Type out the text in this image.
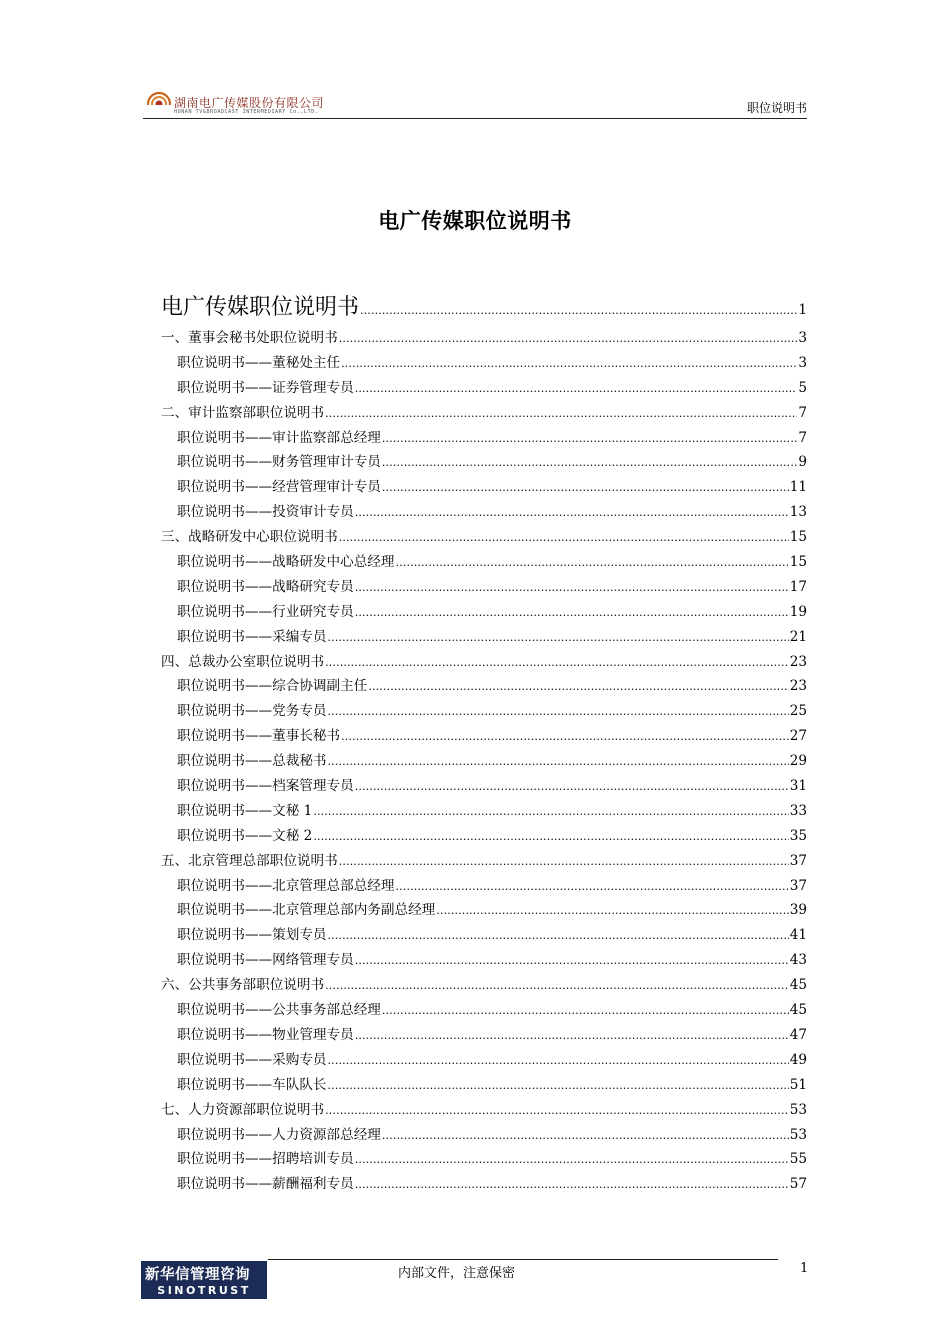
湖南电广传媒股份有限公司
HUNAN TV&BROADCAST INTERMEDIARY Co.,LTD.	职位说明书
电广传媒职位说明书
电广传媒职位说明书 .....	1
一、董事会秘书处职位说明书 .....	3
职位说明书——董秘处主任 .....	3
职位说明书——证券管理专员 .....	5
二、审计监察部职位说明书 .....	7
职位说明书——审计监察部总经理 .....	7
职位说明书——财务管理审计专员 .....	9
职位说明书——经营管理审计专员 .....	11
职位说明书——投资审计专员 .....	13
三、战略研发中心职位说明书 .....	15
职位说明书——战略研发中心总经理 .....	15
职位说明书——战略研究专员 .....	17
职位说明书——行业研究专员 .....	19
职位说明书——采编专员 .....	21
四、总裁办公室职位说明书 .....	23
职位说明书——综合协调副主任 .....	23
职位说明书——党务专员 .....	25
职位说明书——董事长秘书 .....	27
职位说明书——总裁秘书 .....	29
职位说明书——档案管理专员 .....	31
职位说明书——文秘 1 .....	33
职位说明书——文秘 2 .....	35
五、北京管理总部职位说明书 .....	37
职位说明书——北京管理总部总经理 .....	37
职位说明书——北京管理总部内务副总经理 .....	39
职位说明书——策划专员 .....	41
职位说明书——网络管理专员 .....	43
六、公共事务部职位说明书 .....	45
职位说明书——公共事务部总经理 .....	45
职位说明书——物业管理专员 .....	47
职位说明书——采购专员 .....	49
职位说明书——车队队长 .....	51
七、人力资源部职位说明书 .....	53
职位说明书——人力资源部总经理 .....	53
职位说明书——招聘培训专员 .....	55
职位说明书——薪酬福利专员 .....	57
新华信管理咨询
SINOTRUST
内部文件，注意保密	1
